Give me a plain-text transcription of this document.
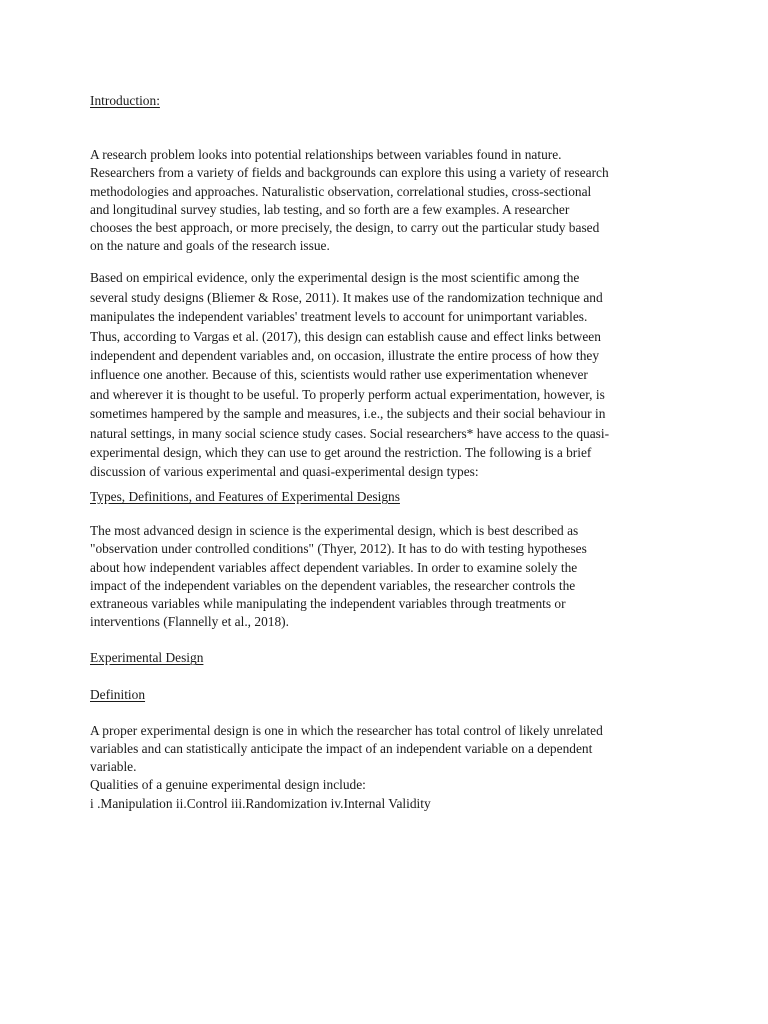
Introduction:

A research problem looks into potential relationships between variables found in nature.
Researchers from a variety of fields and backgrounds can explore this using a variety of research
methodologies and approaches. Naturalistic observation, correlational studies, cross-sectional
and longitudinal survey studies, lab testing, and so forth are a few examples. A researcher
chooses the best approach, or more precisely, the design, to carry out the particular study based
on the nature and goals of the research issue.

Based on empirical evidence, only the experimental design is the most scientific among the
several study designs (Bliemer & Rose, 2011). It makes use of the randomization technique and
manipulates the independent variables' treatment levels to account for unimportant variables.
Thus, according to Vargas et al. (2017), this design can establish cause and effect links between
independent and dependent variables and, on occasion, illustrate the entire process of how they
influence one another. Because of this, scientists would rather use experimentation whenever
and wherever it is thought to be useful. To properly perform actual experimentation, however, is
sometimes hampered by the sample and measures, i.e., the subjects and their social behaviour in
natural settings, in many social science study cases. Social researchers* have access to the quasi-
experimental design, which they can use to get around the restriction. The following is a brief
discussion of various experimental and quasi-experimental design types:

Types, Definitions, and Features of Experimental Designs

The most advanced design in science is the experimental design, which is best described as
"observation under controlled conditions" (Thyer, 2012). It has to do with testing hypotheses
about how independent variables affect dependent variables. In order to examine solely the
impact of the independent variables on the dependent variables, the researcher controls the
extraneous variables while manipulating the independent variables through treatments or
interventions (Flannelly et al., 2018).

Experimental Design

Definition

A proper experimental design is one in which the researcher has total control of likely unrelated
variables and can statistically anticipate the impact of an independent variable on a dependent
variable.
Qualities of a genuine experimental design include:
i .Manipulation ii.Control iii.Randomization iv.Internal Validity
